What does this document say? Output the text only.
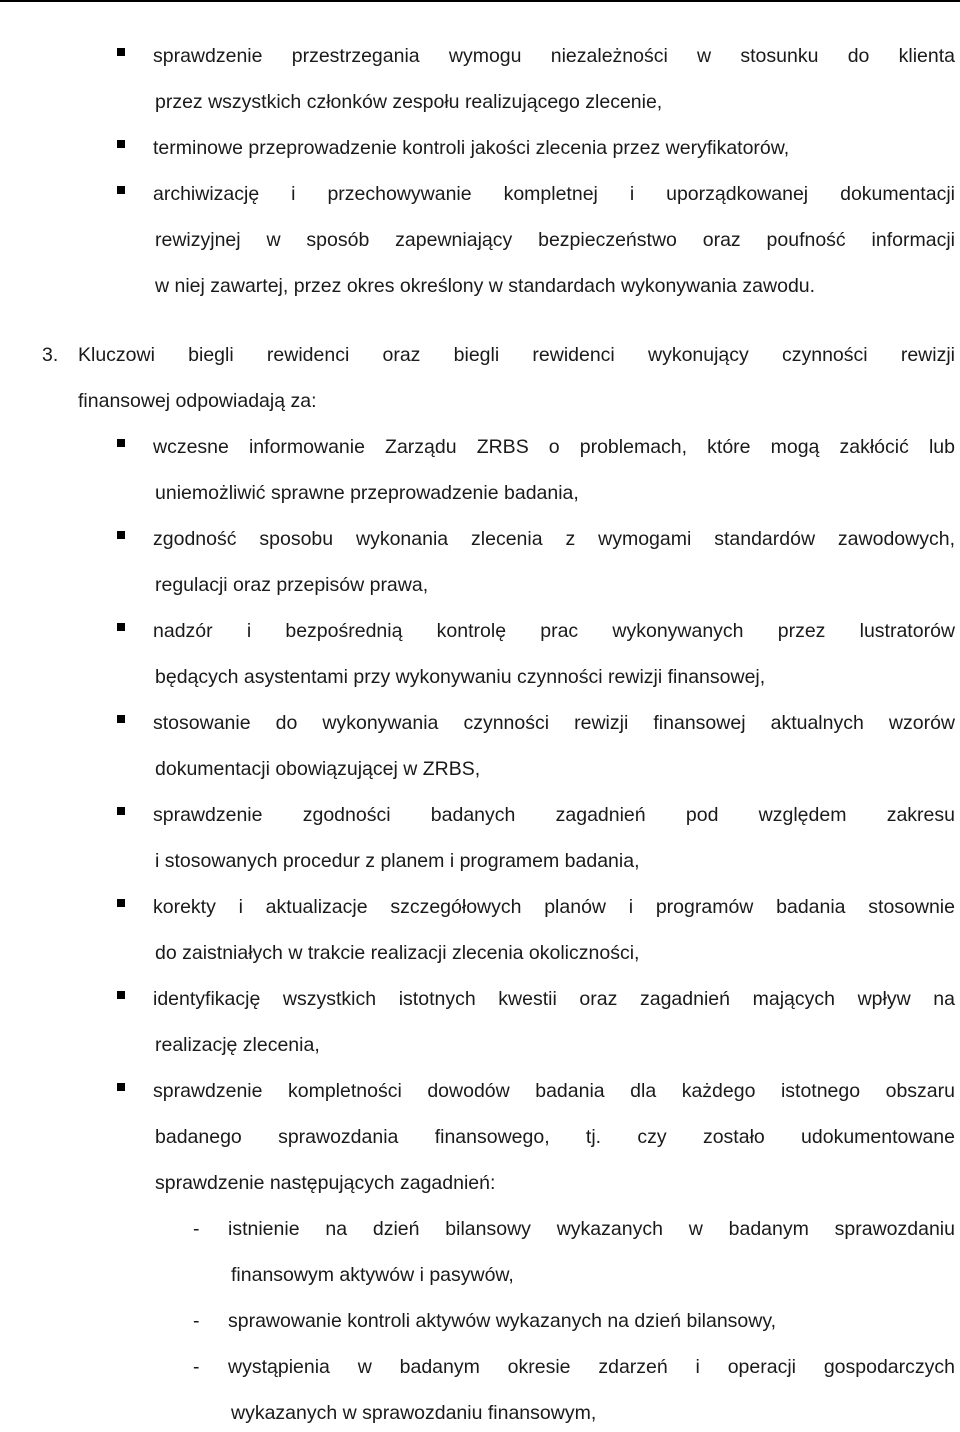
sprawdzenie przestrzegania wymogu niezależności w stosunku do klienta
przez wszystkich członków zespołu realizującego zlecenie,
terminowe przeprowadzenie kontroli jakości zlecenia przez weryfikatorów,
archiwizację i przechowywanie kompletnej i uporządkowanej dokumentacji
rewizyjnej w sposób zapewniający bezpieczeństwo oraz poufność informacji
w niej zawartej, przez okres określony w standardach wykonywania zawodu.
3. Kluczowi biegli rewidenci oraz biegli rewidenci wykonujący czynności rewizji
finansowej odpowiadają za:
wczesne informowanie Zarządu ZRBS o problemach, które mogą zakłócić lub
uniemożliwić sprawne przeprowadzenie badania,
zgodność sposobu wykonania zlecenia z wymogami standardów zawodowych,
regulacji oraz przepisów prawa,
nadzór i bezpośrednią kontrolę prac wykonywanych przez lustratorów
będących asystentami przy wykonywaniu czynności rewizji finansowej,
stosowanie do wykonywania czynności rewizji finansowej aktualnych wzorów
dokumentacji obowiązującej w ZRBS,
sprawdzenie zgodności badanych zagadnień pod względem zakresu
i stosowanych procedur z planem i programem badania,
korekty i aktualizacje szczegółowych planów i programów badania stosownie
do zaistniałych w trakcie realizacji zlecenia okoliczności,
identyfikację wszystkich istotnych kwestii oraz zagadnień mających wpływ na
realizację zlecenia,
sprawdzenie kompletności dowodów badania dla każdego istotnego obszaru
badanego sprawozdania finansowego, tj. czy zostało udokumentowane
sprawdzenie następujących zagadnień:
- istnienie na dzień bilansowy wykazanych w badanym sprawozdaniu
finansowym aktywów i pasywów,
- sprawowanie kontroli aktywów wykazanych na dzień bilansowy,
- wystąpienia w badanym okresie zdarzeń i operacji gospodarczych
wykazanych w sprawozdaniu finansowym,
